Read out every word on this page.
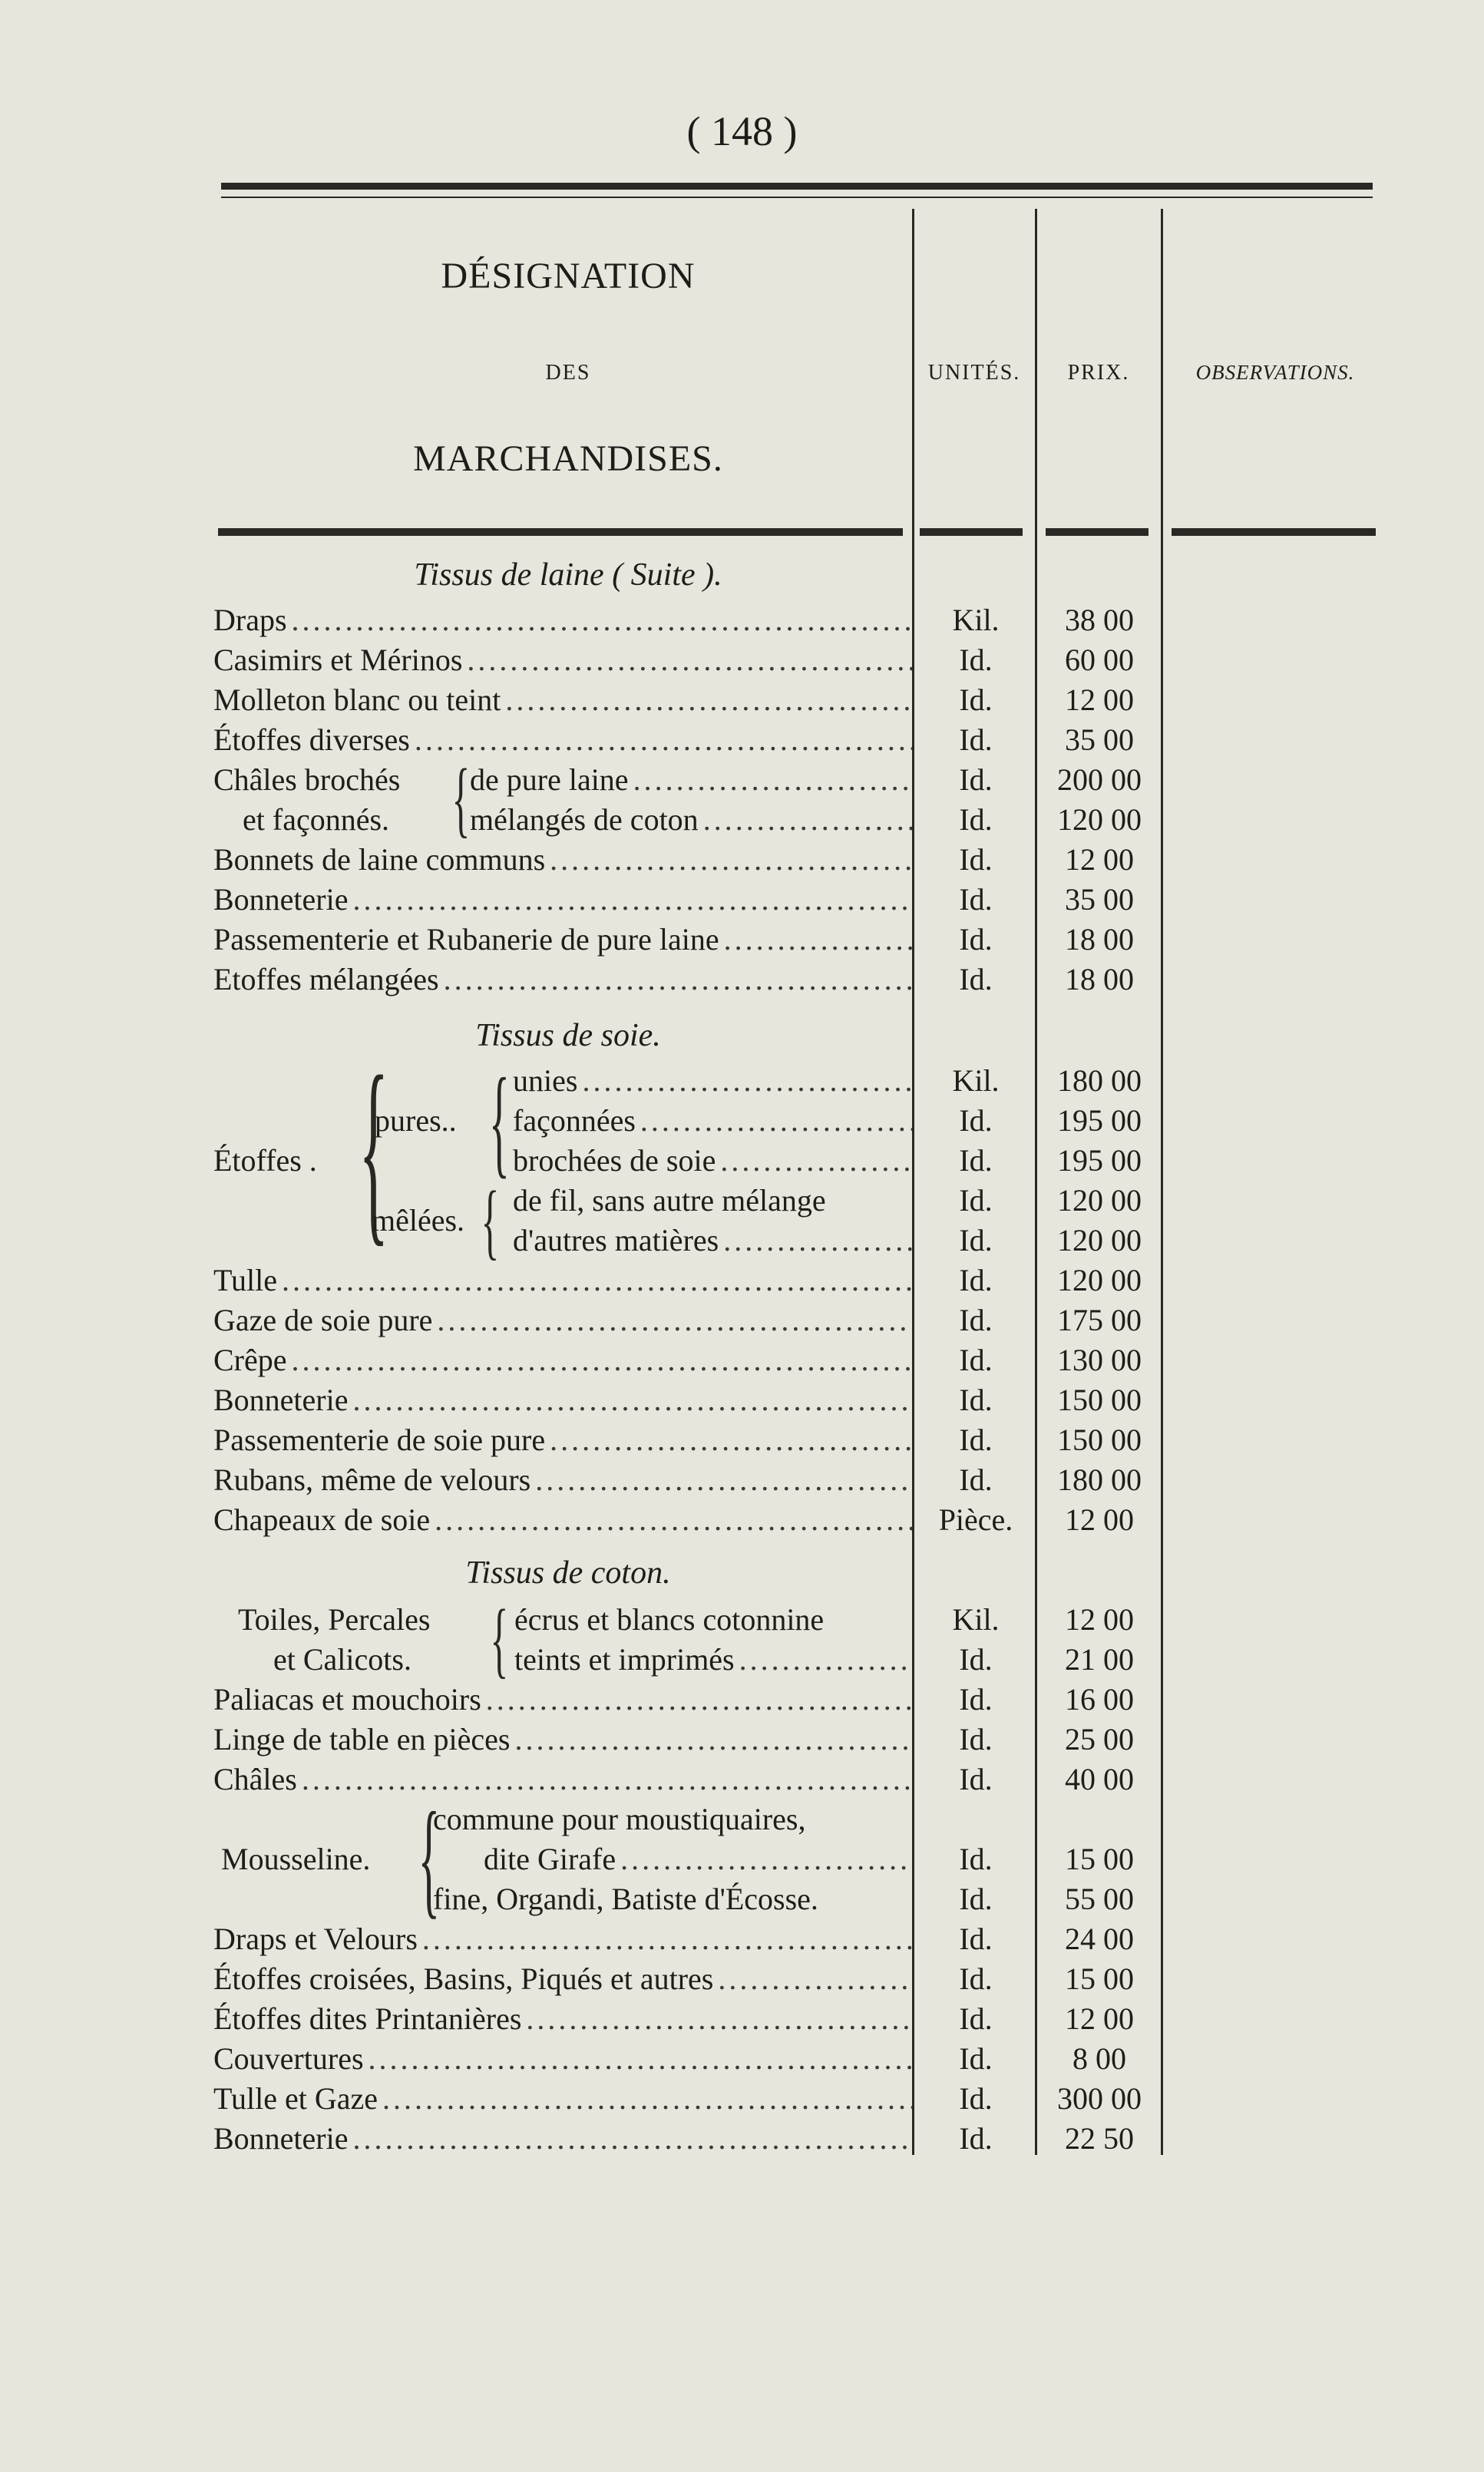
( 148 )
DÉSIGNATION
DES
MARCHANDISES.
UNITÉS.	PRIX.	OBSERVATIONS.
Tissus de laine ( Suite ).
Tissus de soie.
Tissus de coton.
Draps .....	Kil.	38 00
Casimirs et Mérinos .....	Id.	60 00
Molleton blanc ou teint .....	Id.	12 00
Étoffes diverses .....	Id.	35 00
Châles brochés
et façonnés. { de pure laine .....	Id.	200 00
mélangés de coton .....	Id.	120 00
Bonnets de laine communs .....	Id.	12 00
Bonneterie .....	Id.	35 00
Passementerie et Rubanerie de pure laine .....	Id.	18 00
Etoffes mélangées .....	Id.	18 00
Étoffes . {
pures.. {
mêlées. {
unies .....	Kil.	180 00
façonnées .....	Id.	195 00
brochées de soie .....	Id.	195 00
de fil, sans autre mélange	Id.	120 00
d'autres matières .....	Id.	120 00
Tulle .....	Id.	120 00
Gaze de soie pure .....	Id.	175 00
Crêpe .....	Id.	130 00
Bonneterie .....	Id.	150 00
Passementerie de soie pure .....	Id.	150 00
Rubans, même de velours .....	Id.	180 00
Chapeaux de soie .....	Pièce.	12 00
Toiles, Percales
et Calicots. { écrus et blancs cotonnine	Kil.	12 00
teints et imprimés .....	Id.	21 00
Paliacas et mouchoirs .....	Id.	16 00
Linge de table en pièces .....	Id.	25 00
Châles .....	Id.	40 00
Mousseline. {
commune pour moustiquaires,
dite Girafe .....	Id.	15 00
fine, Organdi, Batiste d'Écosse.	Id.	55 00
Draps et Velours .....	Id.	24 00
Étoffes croisées, Basins, Piqués et autres .....	Id.	15 00
Étoffes dites Printanières .....	Id.	12 00
Couvertures .....	Id.	8 00
Tulle et Gaze .....	Id.	300 00
Bonneterie .....	Id.	22 50
